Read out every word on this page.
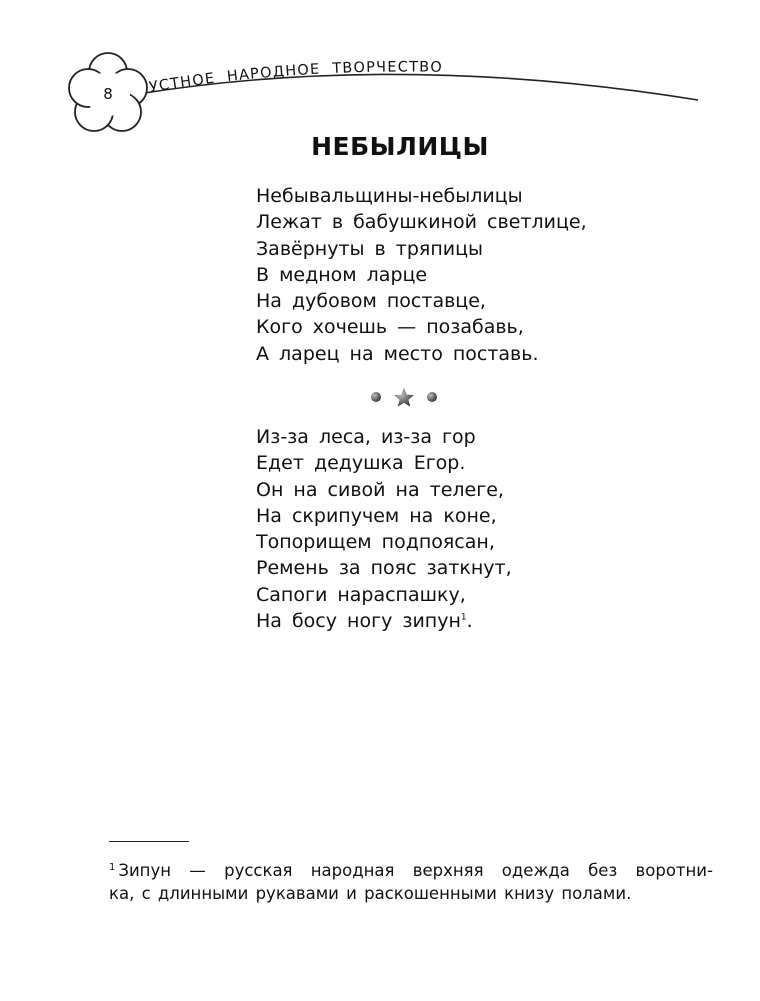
УСТНОЕ НАРОДНОЕ ТВОРЧЕСТВО
8
НЕБЫЛИЦЫ
Небывальщины-небылицы
Лежат в бабушкиной светлице,
Завёрнуты в тряпицы
В медном ларце
На дубовом поставце,
Кого хочешь — позабавь,
А ларец на место поставь.
Из-за леса, из-за гор
Едет дедушка Егор.
Он на сивой на телеге,
На скрипучем на коне,
Топорищем подпоясан,
Ремень за пояс заткнут,
Сапоги нараспашку,
На босу ногу зипун$^1$.
$^1$ Зипун — русская народная верхняя одежда без воротни-
ка, с длинными рукавами и раскошенными книзу полами.
